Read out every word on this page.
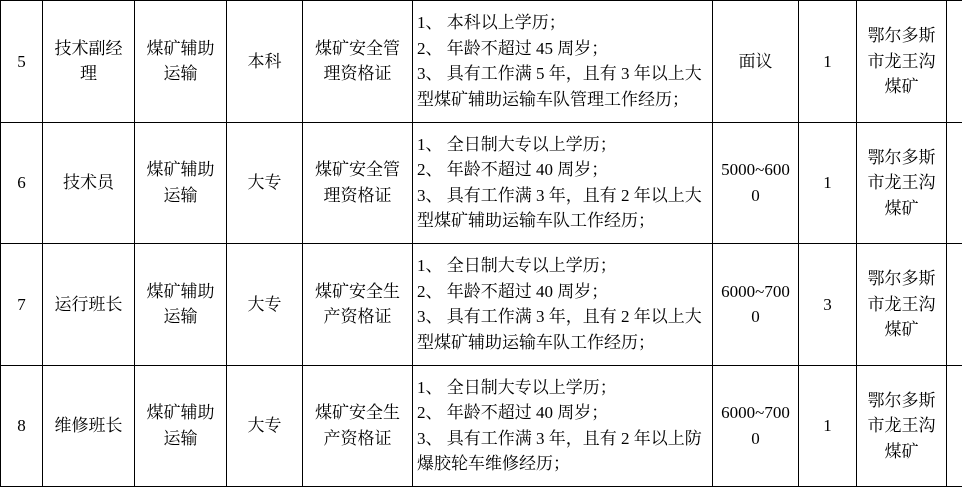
5	技术副经理	煤矿辅助运输	本科	煤矿安全管理资格证	1、 本科以上学历；
2、 年龄不超过 45 周岁；
3、 具有工作满 5 年，且有 3 年以上大型煤矿辅助运输车队管理工作经历；	面议	1	鄂尔多斯市龙王沟煤矿	
6	技术员	煤矿辅助运输	大专	煤矿安全管理资格证	1、 全日制大专以上学历；
2、 年龄不超过 40 周岁；
3、 具有工作满 3 年，且有 2 年以上大型煤矿辅助运输车队工作经历；	5000~6000	1	鄂尔多斯市龙王沟煤矿	
7	运行班长	煤矿辅助运输	大专	煤矿安全生产资格证	1、 全日制大专以上学历；
2、 年龄不超过 40 周岁；
3、 具有工作满 3 年，且有 2 年以上大型煤矿辅助运输车队工作经历；	6000~7000	3	鄂尔多斯市龙王沟煤矿	
8	维修班长	煤矿辅助运输	大专	煤矿安全生产资格证	1、 全日制大专以上学历；
2、 年龄不超过 40 周岁；
3、 具有工作满 3 年，且有 2 年以上防爆胶轮车维修经历；	6000~7000	1	鄂尔多斯市龙王沟煤矿	
